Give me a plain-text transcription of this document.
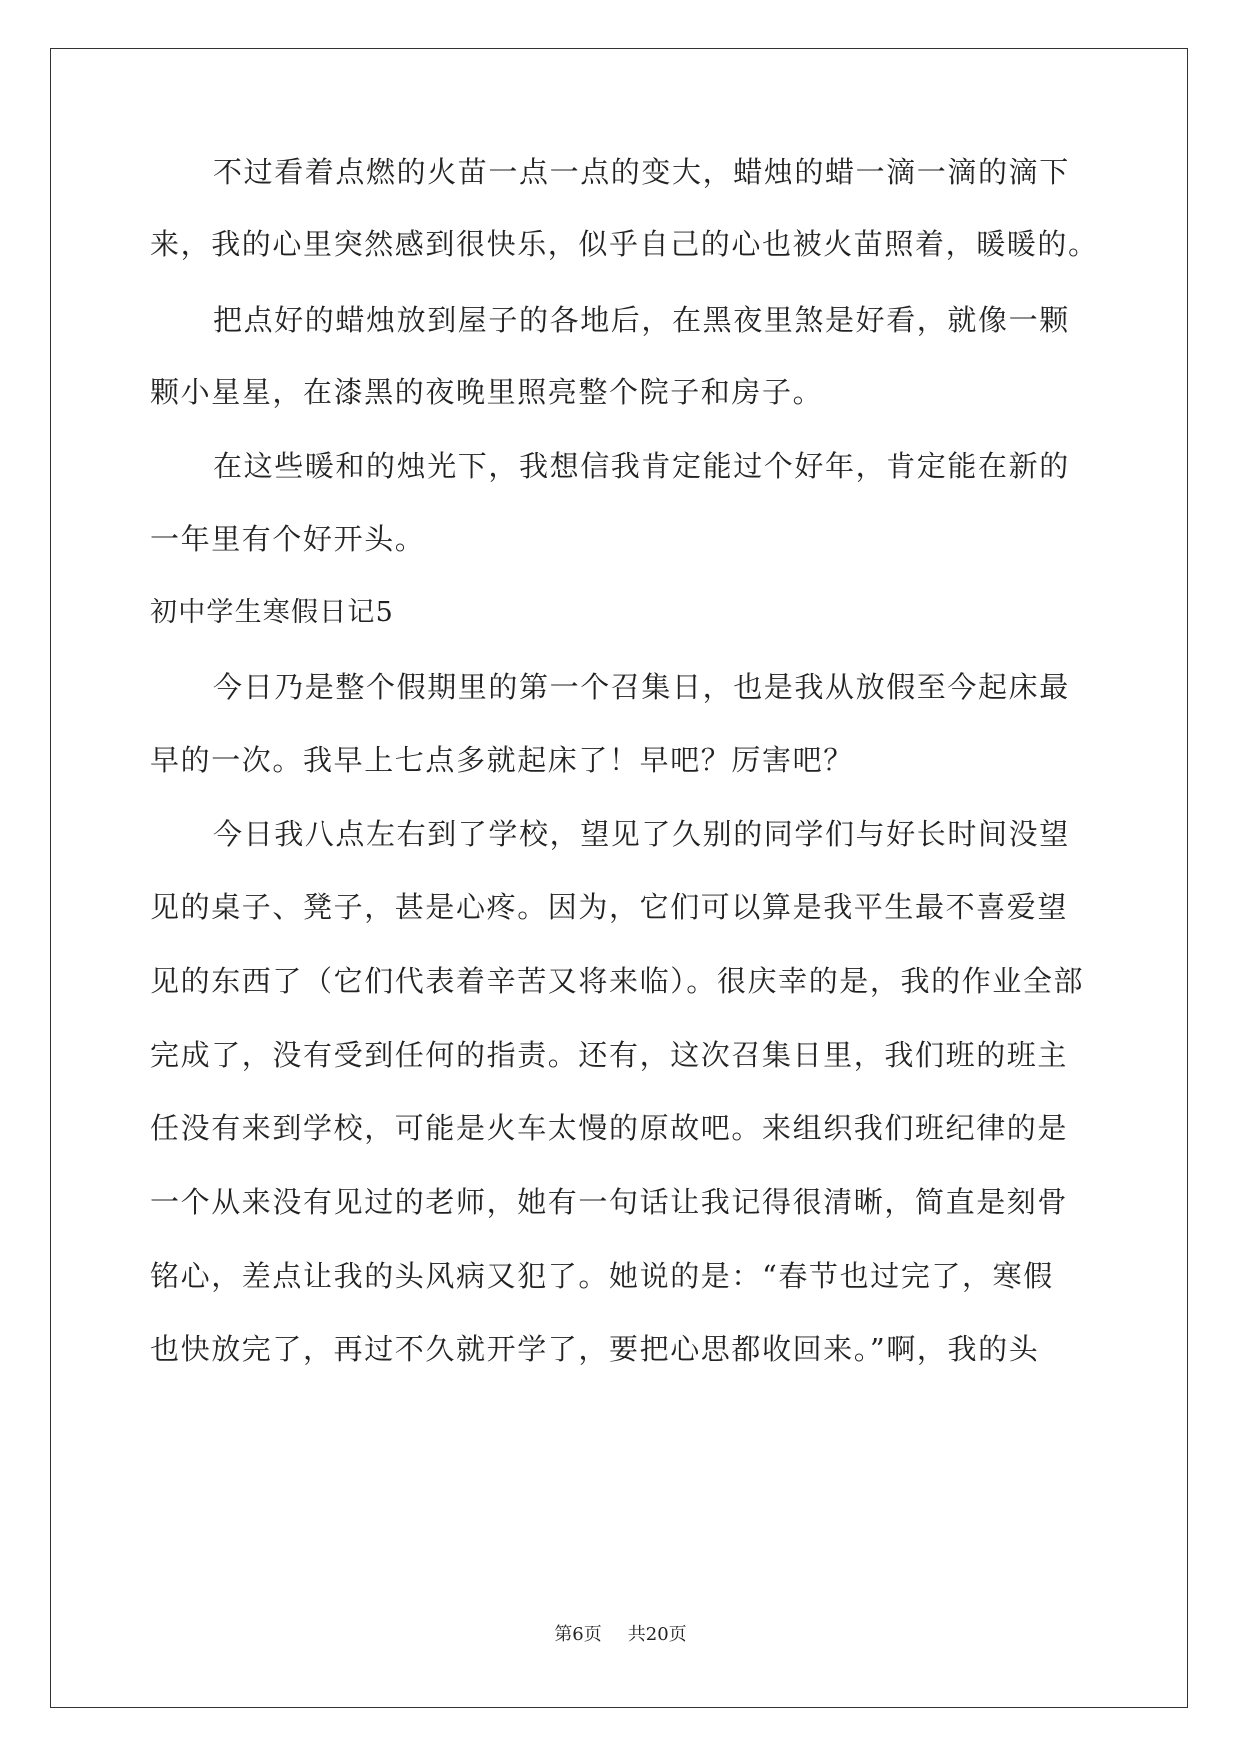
不过看着点燃的火苗一点一点的变大，蜡烛的蜡一滴一滴的滴下
来，我的心里突然感到很快乐，似乎自己的心也被火苗照着，暖暖的。
把点好的蜡烛放到屋子的各地后，在黑夜里煞是好看，就像一颗
颗小星星，在漆黑的夜晚里照亮整个院子和房子。
在这些暖和的烛光下，我想信我肯定能过个好年，肯定能在新的
一年里有个好开头。
初中学生寒假日记5
今日乃是整个假期里的第一个召集日，也是我从放假至今起床最
早的一次。我早上七点多就起床了！早吧？厉害吧？
今日我八点左右到了学校，望见了久别的同学们与好长时间没望
见的桌子、凳子，甚是心疼。因为，它们可以算是我平生最不喜爱望
见的东西了（它们代表着辛苦又将来临）。很庆幸的是，我的作业全部
完成了，没有受到任何的指责。还有，这次召集日里，我们班的班主
任没有来到学校，可能是火车太慢的原故吧。来组织我们班纪律的是
一个从来没有见过的老师，她有一句话让我记得很清晰，简直是刻骨
铭心，差点让我的头风病又犯了。她说的是：“春节也过完了，寒假
也快放完了，再过不久就开学了，要把心思都收回来。”啊，我的头
第6页 共20页
